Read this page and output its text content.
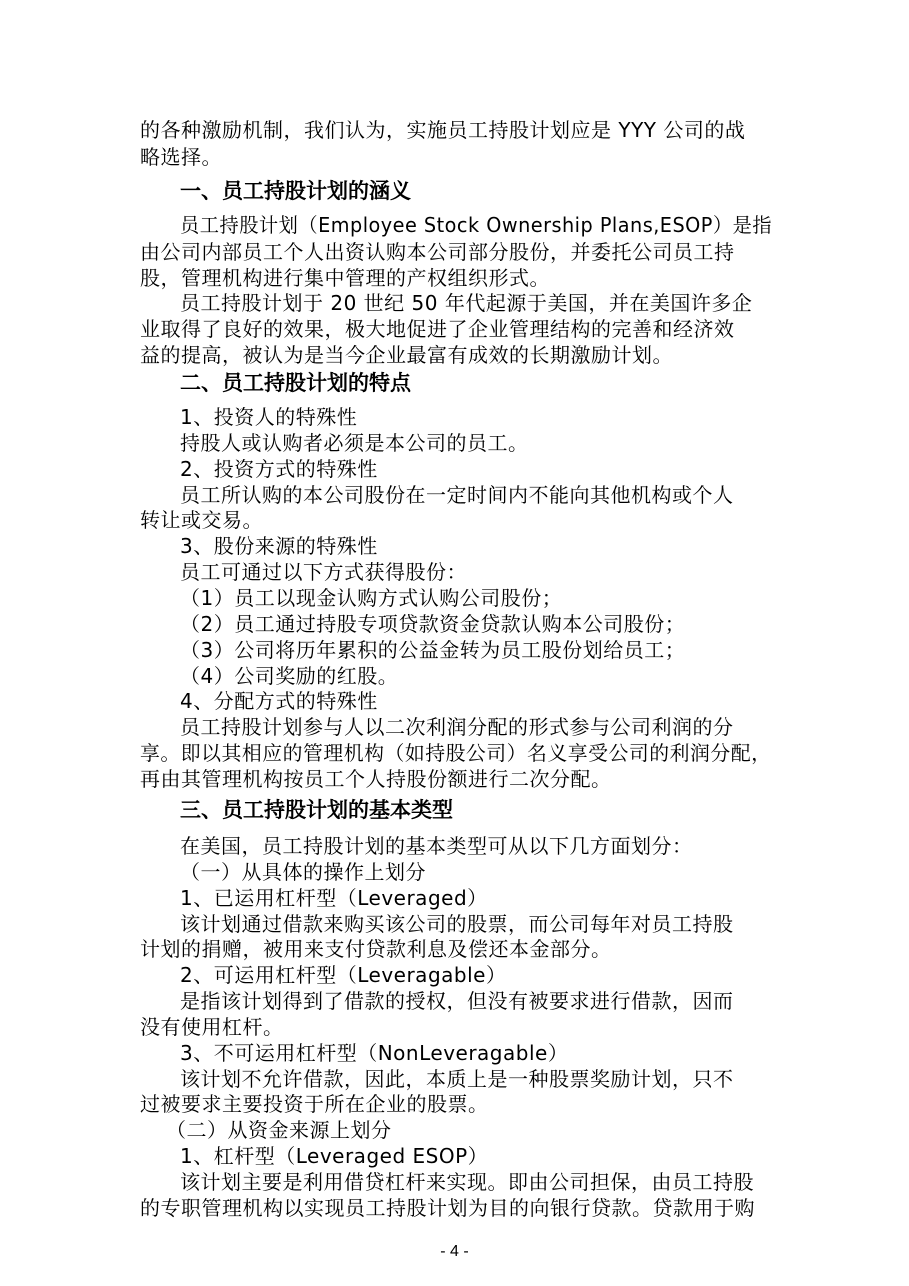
的各种激励机制，我们认为，实施员工持股计划应是 YYY 公司的战
略选择。
一、员工持股计划的涵义
员工持股计划（Employee Stock Ownership Plans,ESOP）是指
由公司内部员工个人出资认购本公司部分股份，并委托公司员工持
股，管理机构进行集中管理的产权组织形式。
员工持股计划于 20 世纪 50 年代起源于美国，并在美国许多企
业取得了良好的效果，极大地促进了企业管理结构的完善和经济效
益的提高，被认为是当今企业最富有成效的长期激励计划。
二、员工持股计划的特点
1、投资人的特殊性
持股人或认购者必须是本公司的员工。
2、投资方式的特殊性
员工所认购的本公司股份在一定时间内不能向其他机构或个人
转让或交易。
3、股份来源的特殊性
员工可通过以下方式获得股份：
（1）员工以现金认购方式认购公司股份；
（2）员工通过持股专项贷款资金贷款认购本公司股份；
（3）公司将历年累积的公益金转为员工股份划给员工；
（4）公司奖励的红股。
4、分配方式的特殊性
员工持股计划参与人以二次利润分配的形式参与公司利润的分
享。即以其相应的管理机构（如持股公司）名义享受公司的利润分配，
再由其管理机构按员工个人持股份额进行二次分配。
三、员工持股计划的基本类型
在美国，员工持股计划的基本类型可从以下几方面划分：
（一）从具体的操作上划分
1、已运用杠杆型（Leveraged）
该计划通过借款来购买该公司的股票，而公司每年对员工持股
计划的捐赠，被用来支付贷款利息及偿还本金部分。
2、可运用杠杆型（Leveragable）
是指该计划得到了借款的授权，但没有被要求进行借款，因而
没有使用杠杆。
3、不可运用杠杆型（NonLeveragable）
该计划不允许借款，因此，本质上是一种股票奖励计划，只不
过被要求主要投资于所在企业的股票。
（二）从资金来源上划分
1、杠杆型（Leveraged ESOP）
该计划主要是利用借贷杠杆来实现。即由公司担保，由员工持股
的专职管理机构以实现员工持股计划为目的向银行贷款。贷款用于购
- 4 -
